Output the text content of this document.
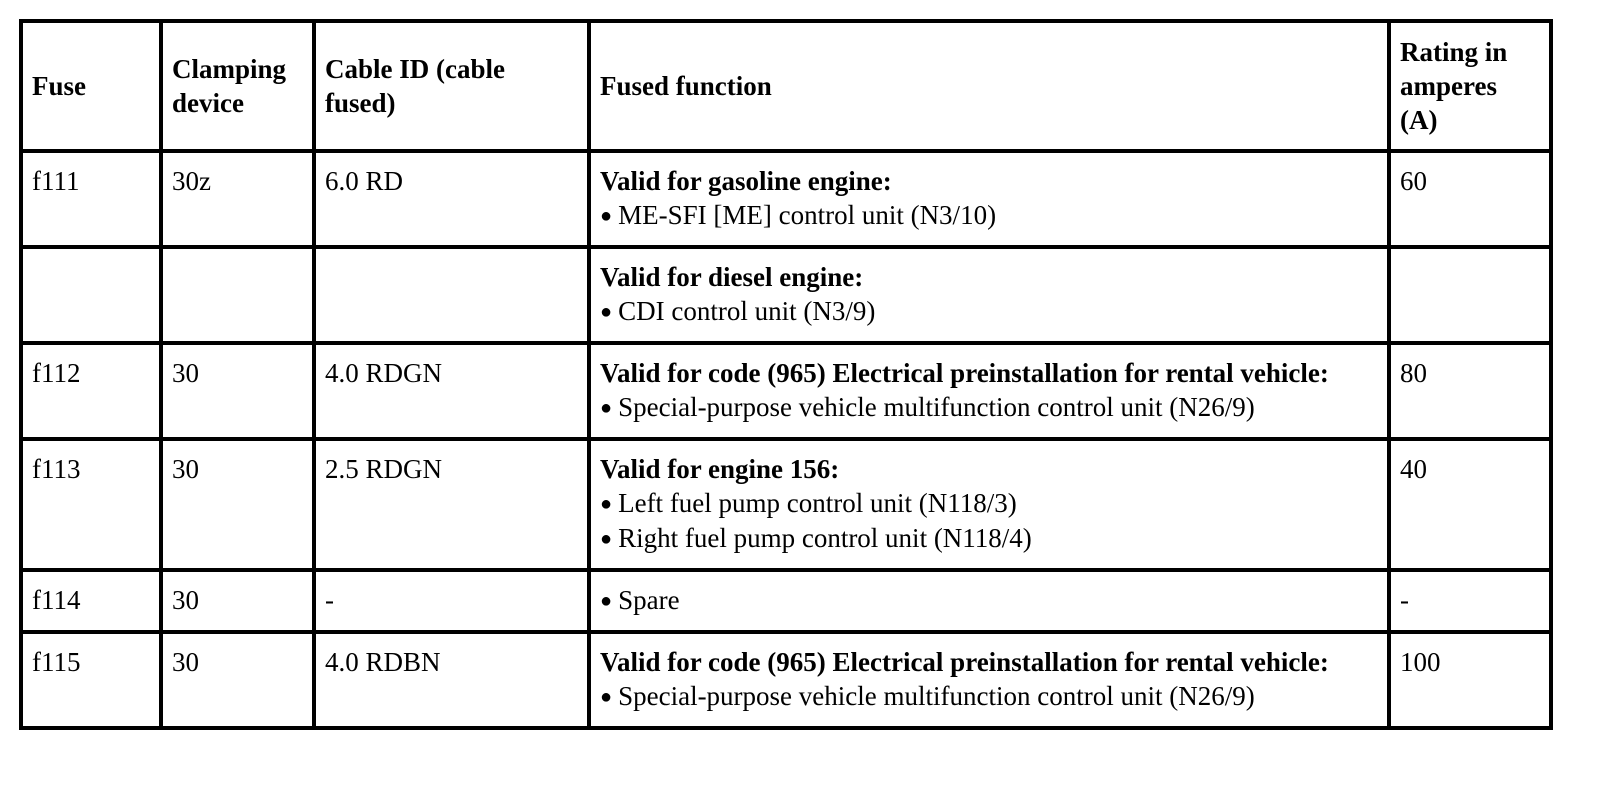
Fuse	Clamping device	Cable ID (cable fused)	Fused function	Rating in amperes (A)
f111	30z	6.0 RD	Valid for gasoline engine:
● ME-SFI [ME] control unit (N3/10)	60

			Valid for diesel engine:
● CDI control unit (N3/9)	

f112	30	4.0 RDGN	Valid for code (965) Electrical preinstallation for rental vehicle:
● Special-purpose vehicle multifunction control unit (N26/9)	80
f113	30	2.5 RDGN	Valid for engine 156:
● Left fuel pump control unit (N118/3)
● Right fuel pump control unit (N118/4)	40
f114	30	-	● Spare	-
f115	30	4.0 RDBN	Valid for code (965) Electrical preinstallation for rental vehicle:
● Special-purpose vehicle multifunction control unit (N26/9)	100
